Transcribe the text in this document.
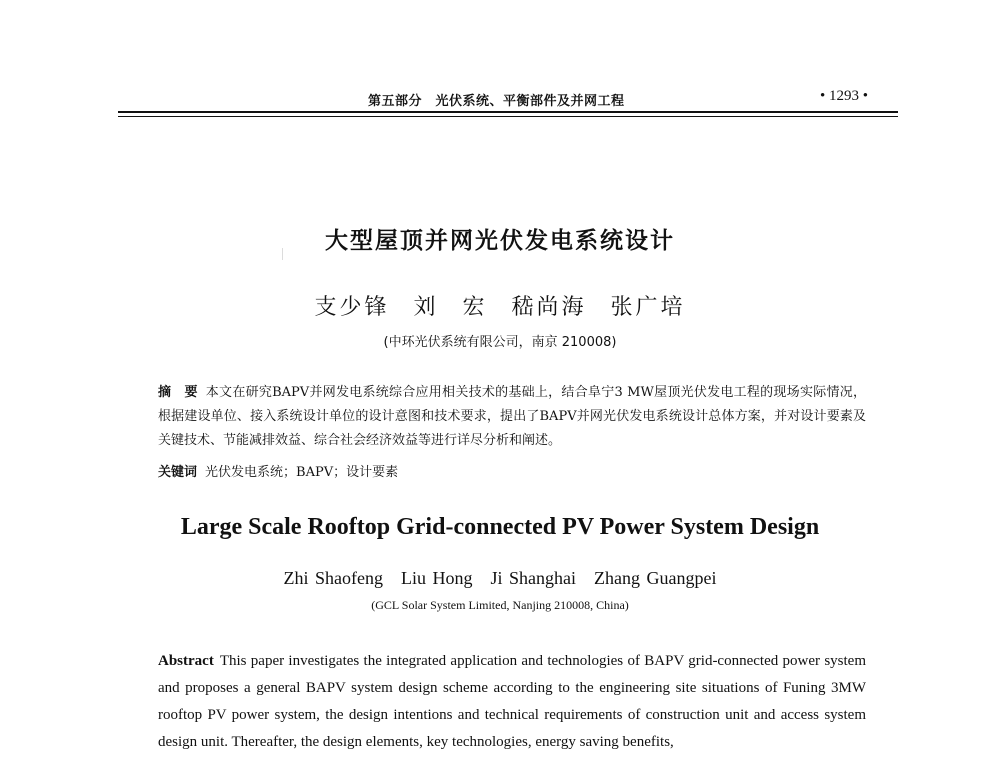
第五部分　光伏系统、平衡部件及并网工程	• 1293 •
大型屋顶并网光伏发电系统设计
支少锋 刘 宏 嵇尚海 张广培
(中环光伏系统有限公司，南京 210008)
摘　要 本文在研究BAPV并网发电系统综合应用相关技术的基础上，结合阜宁3 MW屋顶光伏发电工程的现场实际情况，根据建设单位、接入系统设计单位的设计意图和技术要求，提出了BAPV并网光伏发电系统设计总体方案，并对设计要素及关键技术、节能减排效益、综合社会经济效益等进行详尽分析和阐述。
关键词 光伏发电系统；BAPV；设计要素
Large Scale Rooftop Grid-connected PV Power System Design
Zhi Shaofeng　Liu Hong　Ji Shanghai　Zhang Guangpei
(GCL Solar System Limited, Nanjing 210008, China)
Abstract This paper investigates the integrated application and technologies of BAPV grid-connected power system and proposes a general BAPV system design scheme according to the engineering site situations of Funing 3MW rooftop PV power system, the design intentions and technical requirements of construction unit and access system design unit. Thereafter, the design elements, key technologies, energy saving benefits,
